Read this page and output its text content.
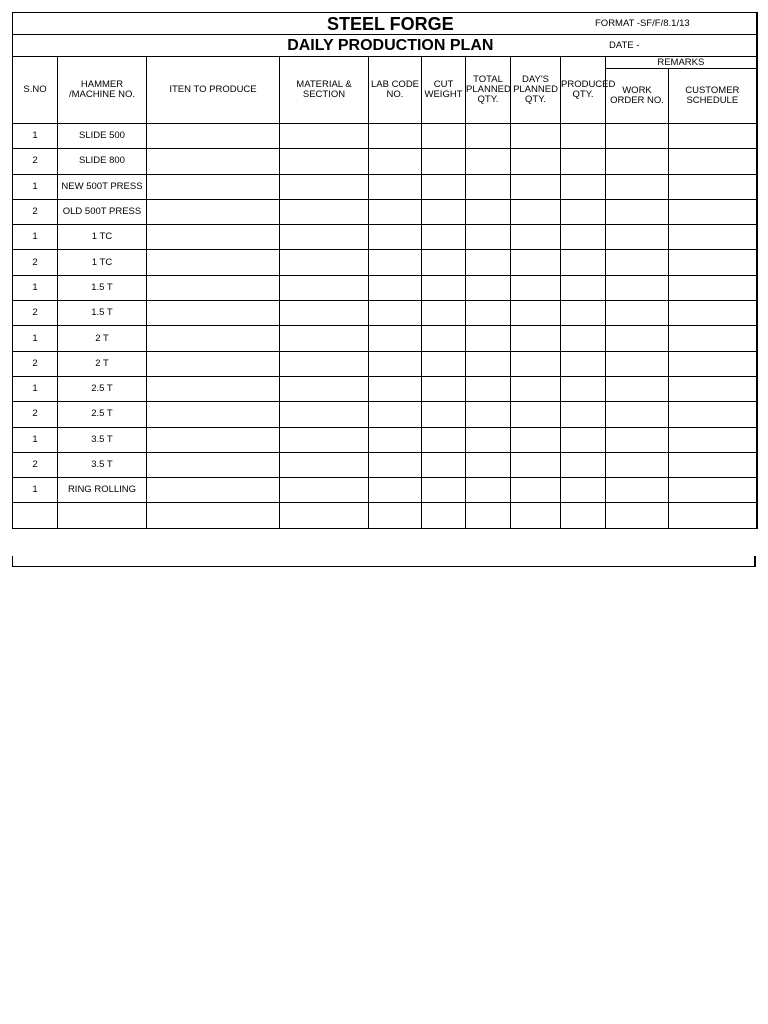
STEEL FORGE FORMAT -SF/F/8.1/13										

DAILY PRODUCTION PLAN DATE -										

S.NO	HAMMER /MACHINE NO.	ITEN TO PRODUCE	MATERIAL & SECTION	LAB CODE NO.	CUT WEIGHT	TOTAL PLANNED QTY.	DAY'S PLANNED QTY.	PRODUCED QTY.	REMARKS	
									WORK ORDER NO.	CUSTOMER SCHEDULE
1	SLIDE 500									
2	SLIDE 800									
1	NEW 500T PRESS									
2	OLD 500T PRESS									
1	1 TC									
2	1 TC									
1	1.5 T									
2	1.5 T									
1	2 T									
2	2 T									
1	2.5 T									
2	2.5 T									
1	3.5 T									
2	3.5 T									
1	RING ROLLING									
